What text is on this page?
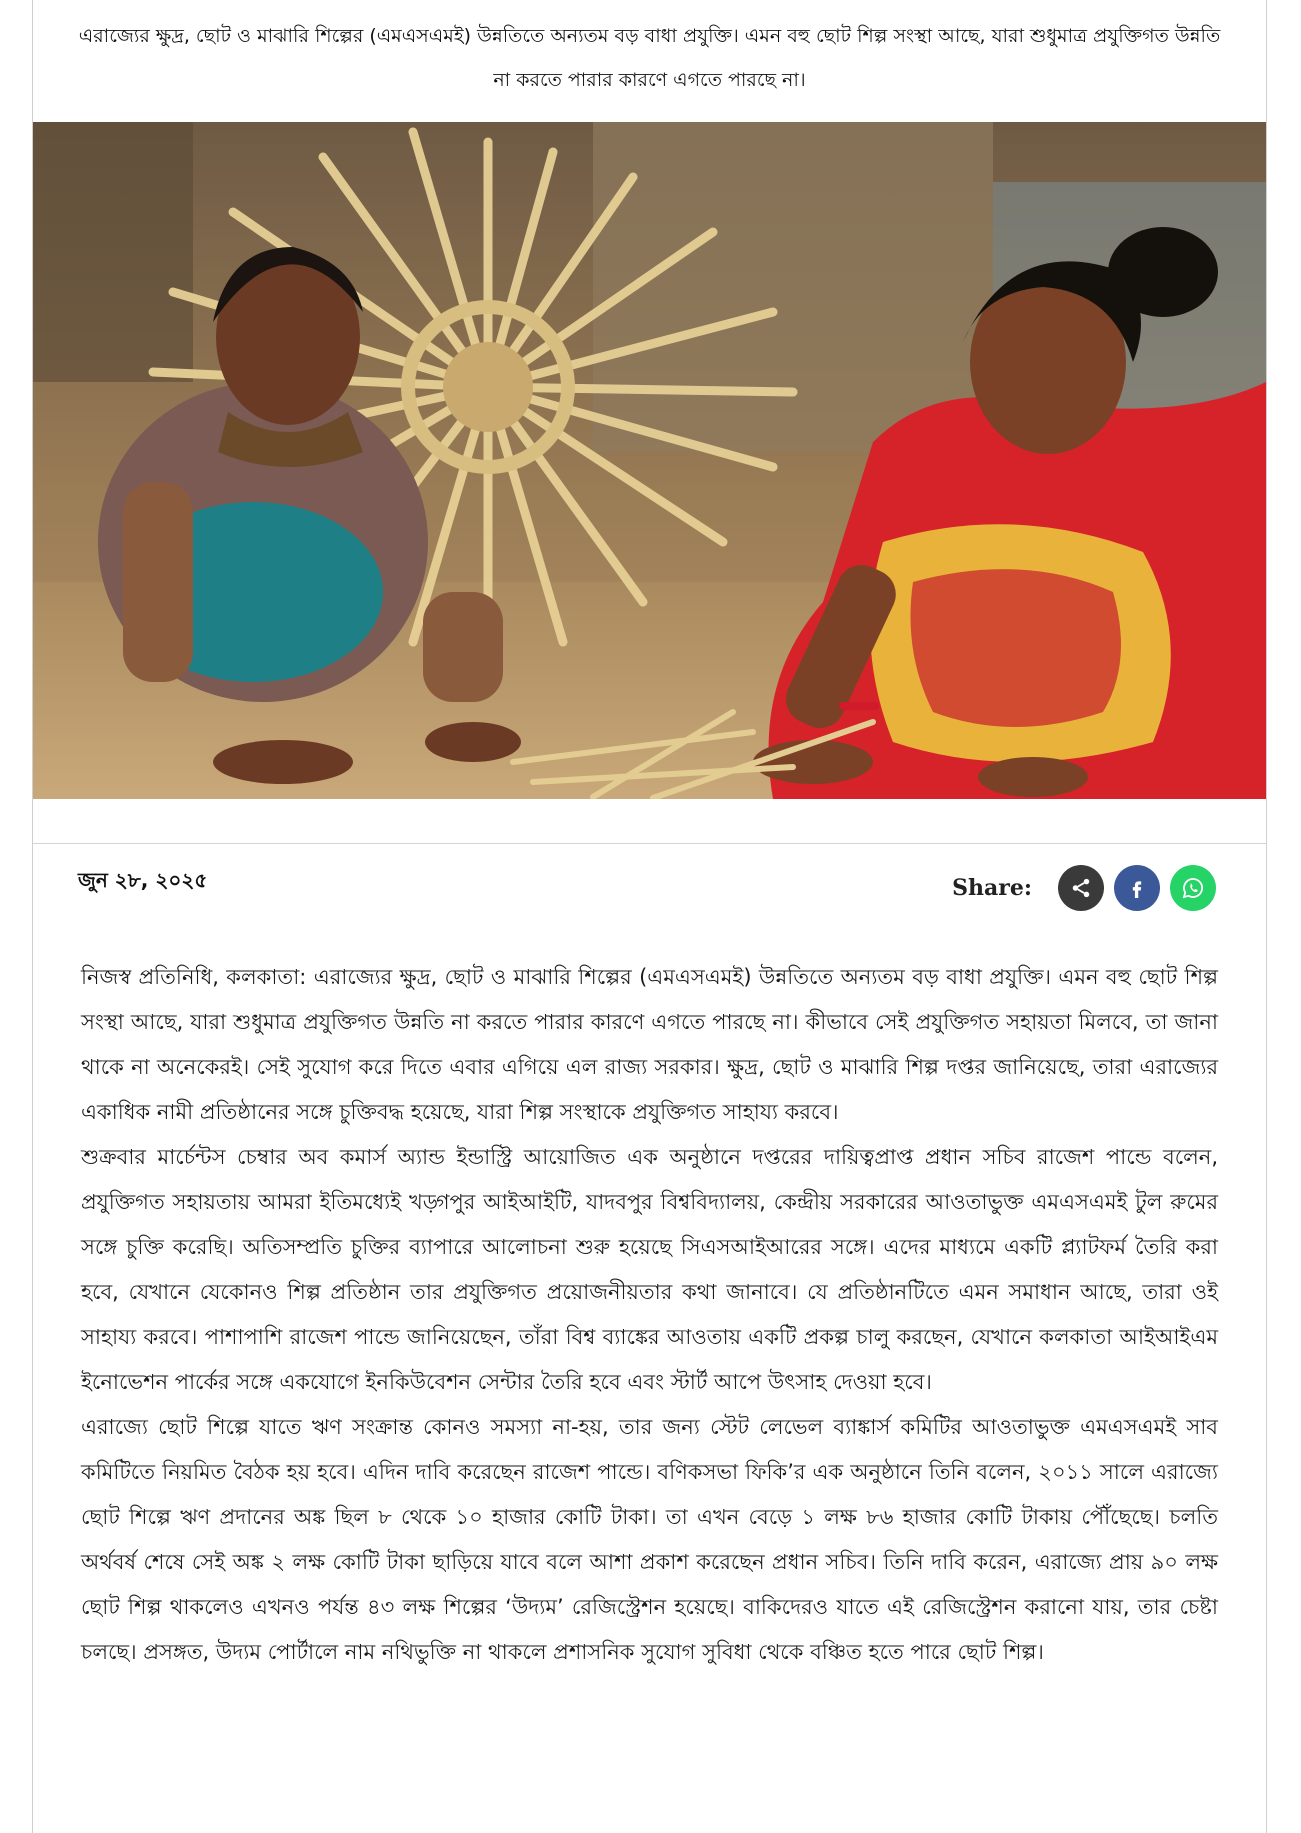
এরাজ্যের ক্ষুদ্র, ছোট ও মাঝারি শিল্পের (এমএসএমই) উন্নতিতে অন্যতম বড় বাধা প্রযুক্তি। এমন বহু ছোট শিল্প সংস্থা আছে, যারা শুধুমাত্র প্রযুক্তিগত উন্নতি না করতে পারার কারণে এগতে পারছে না।
জুন ২৮, ২০২৫	Share:

নিজস্ব প্রতিনিধি, কলকাতা: এরাজ্যের ক্ষুদ্র, ছোট ও মাঝারি শিল্পের (এমএসএমই) উন্নতিতে অন্যতম বড় বাধা প্রযুক্তি। এমন বহু ছোট শিল্প সংস্থা আছে, যারা শুধুমাত্র প্রযুক্তিগত উন্নতি না করতে পারার কারণে এগতে পারছে না। কীভাবে সেই প্রযুক্তিগত সহায়তা মিলবে, তা জানা থাকে না অনেকেরই। সেই সুযোগ করে দিতে এবার এগিয়ে এল রাজ্য সরকার। ক্ষুদ্র, ছোট ও মাঝারি শিল্প দপ্তর জানিয়েছে, তারা এরাজ্যের একাধিক নামী প্রতিষ্ঠানের সঙ্গে চুক্তিবদ্ধ হয়েছে, যারা শিল্প সংস্থাকে প্রযুক্তিগত সাহায্য করবে।

শুক্রবার মার্চেন্টস চেম্বার অব কমার্স অ্যান্ড ইন্ডাস্ট্রি আয়োজিত এক অনুষ্ঠানে দপ্তরের দায়িত্বপ্রাপ্ত প্রধান সচিব রাজেশ পান্ডে বলেন, প্রযুক্তিগত সহায়তায় আমরা ইতিমধ্যেই খড়্গপুর আইআইটি, যাদবপুর বিশ্ববিদ্যালয়, কেন্দ্রীয় সরকারের আওতাভুক্ত এমএসএমই টুল রুমের সঙ্গে চুক্তি করেছি। অতিসম্প্রতি চুক্তির ব্যাপারে আলোচনা শুরু হয়েছে সিএসআইআরের সঙ্গে। এদের মাধ্যমে একটি প্ল্যাটফর্ম তৈরি করা হবে, যেখানে যেকোনও শিল্প প্রতিষ্ঠান তার প্রযুক্তিগত প্রয়োজনীয়তার কথা জানাবে। যে প্রতিষ্ঠানটিতে এমন সমাধান আছে, তারা ওই সাহায্য করবে। পাশাপাশি রাজেশ পান্ডে জানিয়েছেন, তাঁরা বিশ্ব ব্যাঙ্কের আওতায় একটি প্রকল্প চালু করছেন, যেখানে কলকাতা আইআইএম ইনোভেশন পার্কের সঙ্গে একযোগে ইনকিউবেশন সেন্টার তৈরি হবে এবং স্টার্ট আপে উৎসাহ দেওয়া হবে।

এরাজ্যে ছোট শিল্পে যাতে ঋণ সংক্রান্ত কোনও সমস্যা না-হয়, তার জন্য স্টেট লেভেল ব্যাঙ্কার্স কমিটির আওতাভুক্ত এমএসএমই সাব কমিটিতে নিয়মিত বৈঠক হয় হবে। এদিন দাবি করেছেন রাজেশ পান্ডে। বণিকসভা ফিকি’র এক অনুষ্ঠানে তিনি বলেন, ২০১১ সালে এরাজ্যে ছোট শিল্পে ঋণ প্রদানের অঙ্ক ছিল ৮ থেকে ১০ হাজার কোটি টাকা। তা এখন বেড়ে ১ লক্ষ ৮৬ হাজার কোটি টাকায় পৌঁছেছে। চলতি অর্থবর্ষ শেষে সেই অঙ্ক ২ লক্ষ কোটি টাকা ছাড়িয়ে যাবে বলে আশা প্রকাশ করেছেন প্রধান সচিব। তিনি দাবি করেন, এরাজ্যে প্রায় ৯০ লক্ষ ছোট শিল্প থাকলেও এখনও পর্যন্ত ৪৩ লক্ষ শিল্পের ‘উদ্যম’ রেজিস্ট্রেশন হয়েছে। বাকিদেরও যাতে এই রেজিস্ট্রেশন করানো যায়, তার চেষ্টা চলছে। প্রসঙ্গত, উদ্যম পোর্টালে নাম নথিভুক্তি না থাকলে প্রশাসনিক সুযোগ সুবিধা থেকে বঞ্চিত হতে পারে ছোট শিল্প।
